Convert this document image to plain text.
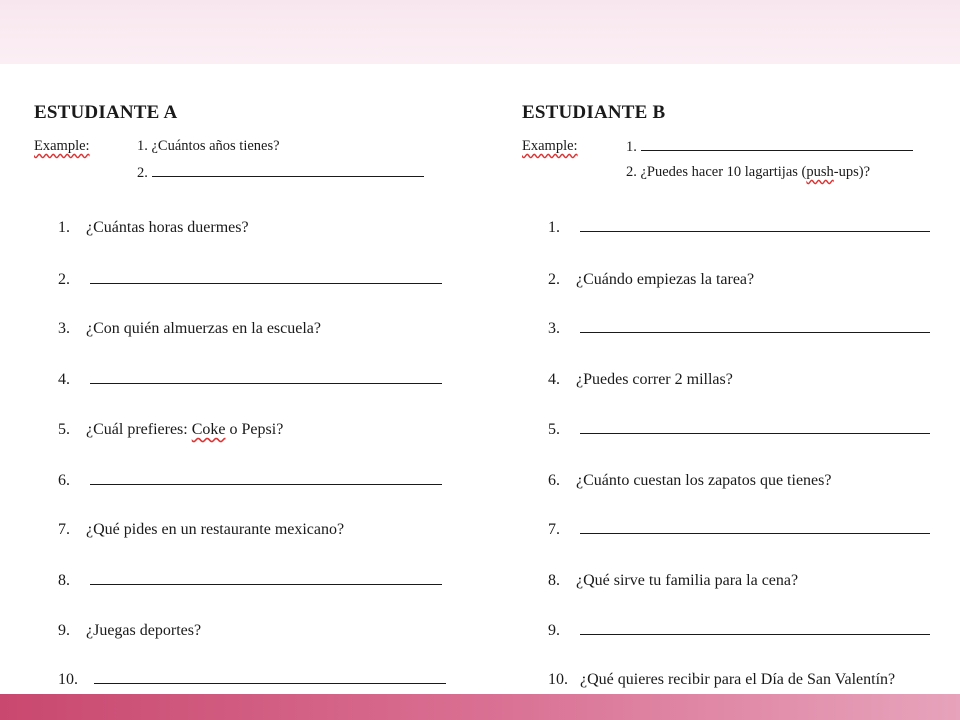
ESTUDIANTE A
Example:	1. ¿Cuántos años tienes?
2.
1. ¿Cuántas horas duermes?
2.
3. ¿Con quién almuerzas en la escuela?
4.
5. ¿Cuál prefieres: Coke o Pepsi?
6.
7. ¿Qué pides en un restaurante mexicano?
8.
9. ¿Juegas deportes?
10.
ESTUDIANTE B
Example:	1.
2. ¿Puedes hacer 10 lagartijas (push-ups)?
1.
2. ¿Cuándo empiezas la tarea?
3.
4. ¿Puedes correr 2 millas?
5.
6. ¿Cuánto cuestan los zapatos que tienes?
7.
8. ¿Qué sirve tu familia para la cena?
9.
10. ¿Qué quieres recibir para el Día de San Valentín?
